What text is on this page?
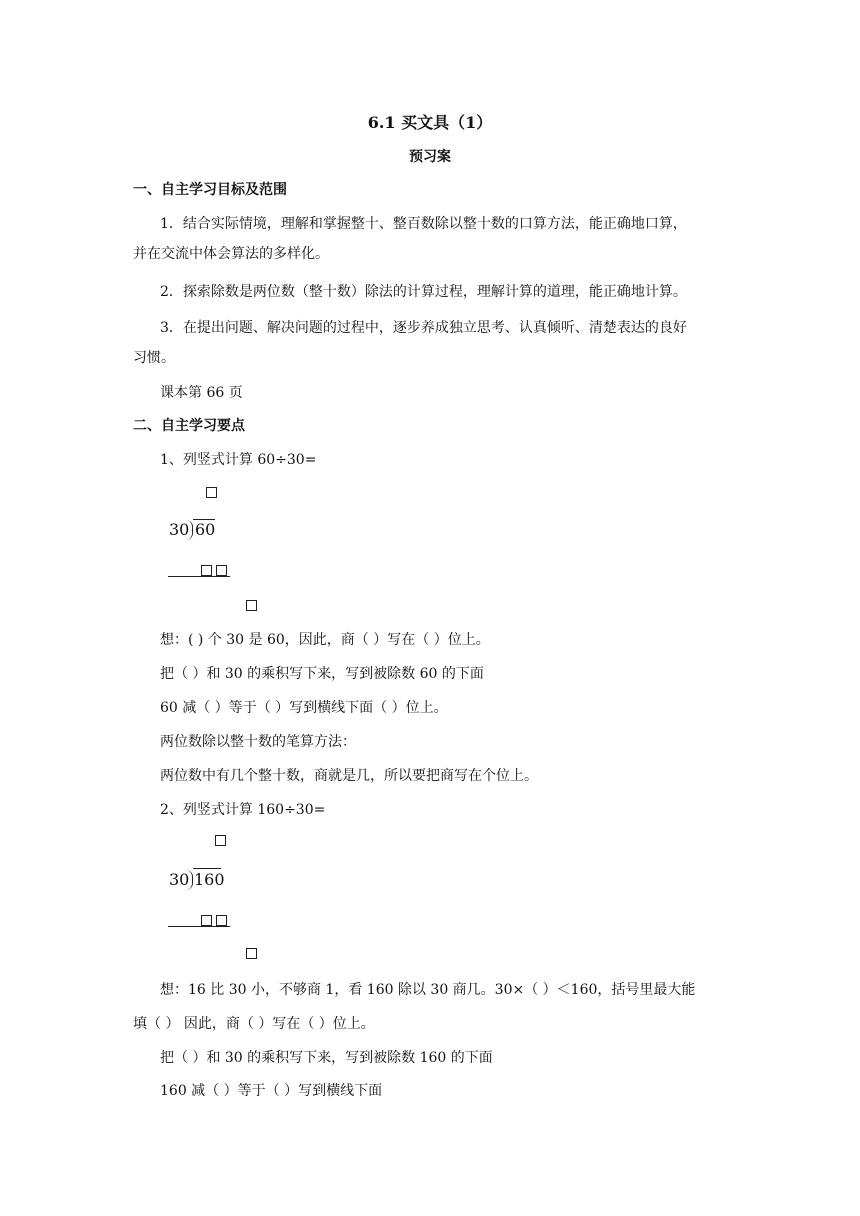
6.1 买文具（1）
预习案
一、自主学习目标及范围
1．结合实际情境，理解和掌握整十、整百数除以整十数的口算方法，能正确地口算，
并在交流中体会算法的多样化。
2．探索除数是两位数（整十数）除法的计算过程，理解计算的道理，能正确地计算。
3．在提出问题、解决问题的过程中，逐步养成独立思考、认真倾听、清楚表达的良好
习惯。
课本第 66 页
二、自主学习要点
1、列竖式计算 60÷30=
30 60
想：( ) 个 30 是 60，因此，商（ ）写在（ ）位上。
把（ ）和 30 的乘积写下来，写到被除数 60 的下面
60 减（ ）等于（ ）写到横线下面（ ）位上。
两位数除以整十数的笔算方法：
两位数中有几个整十数，商就是几，所以要把商写在个位上。
2、列竖式计算 160÷30=
30 160
想：16 比 30 小，不够商 1，看 160 除以 30 商几。30×（ ）＜160，括号里最大能
填（ ） 因此，商（ ）写在（ ）位上。
把（ ）和 30 的乘积写下来，写到被除数 160 的下面
160 减（ ）等于（ ）写到横线下面
